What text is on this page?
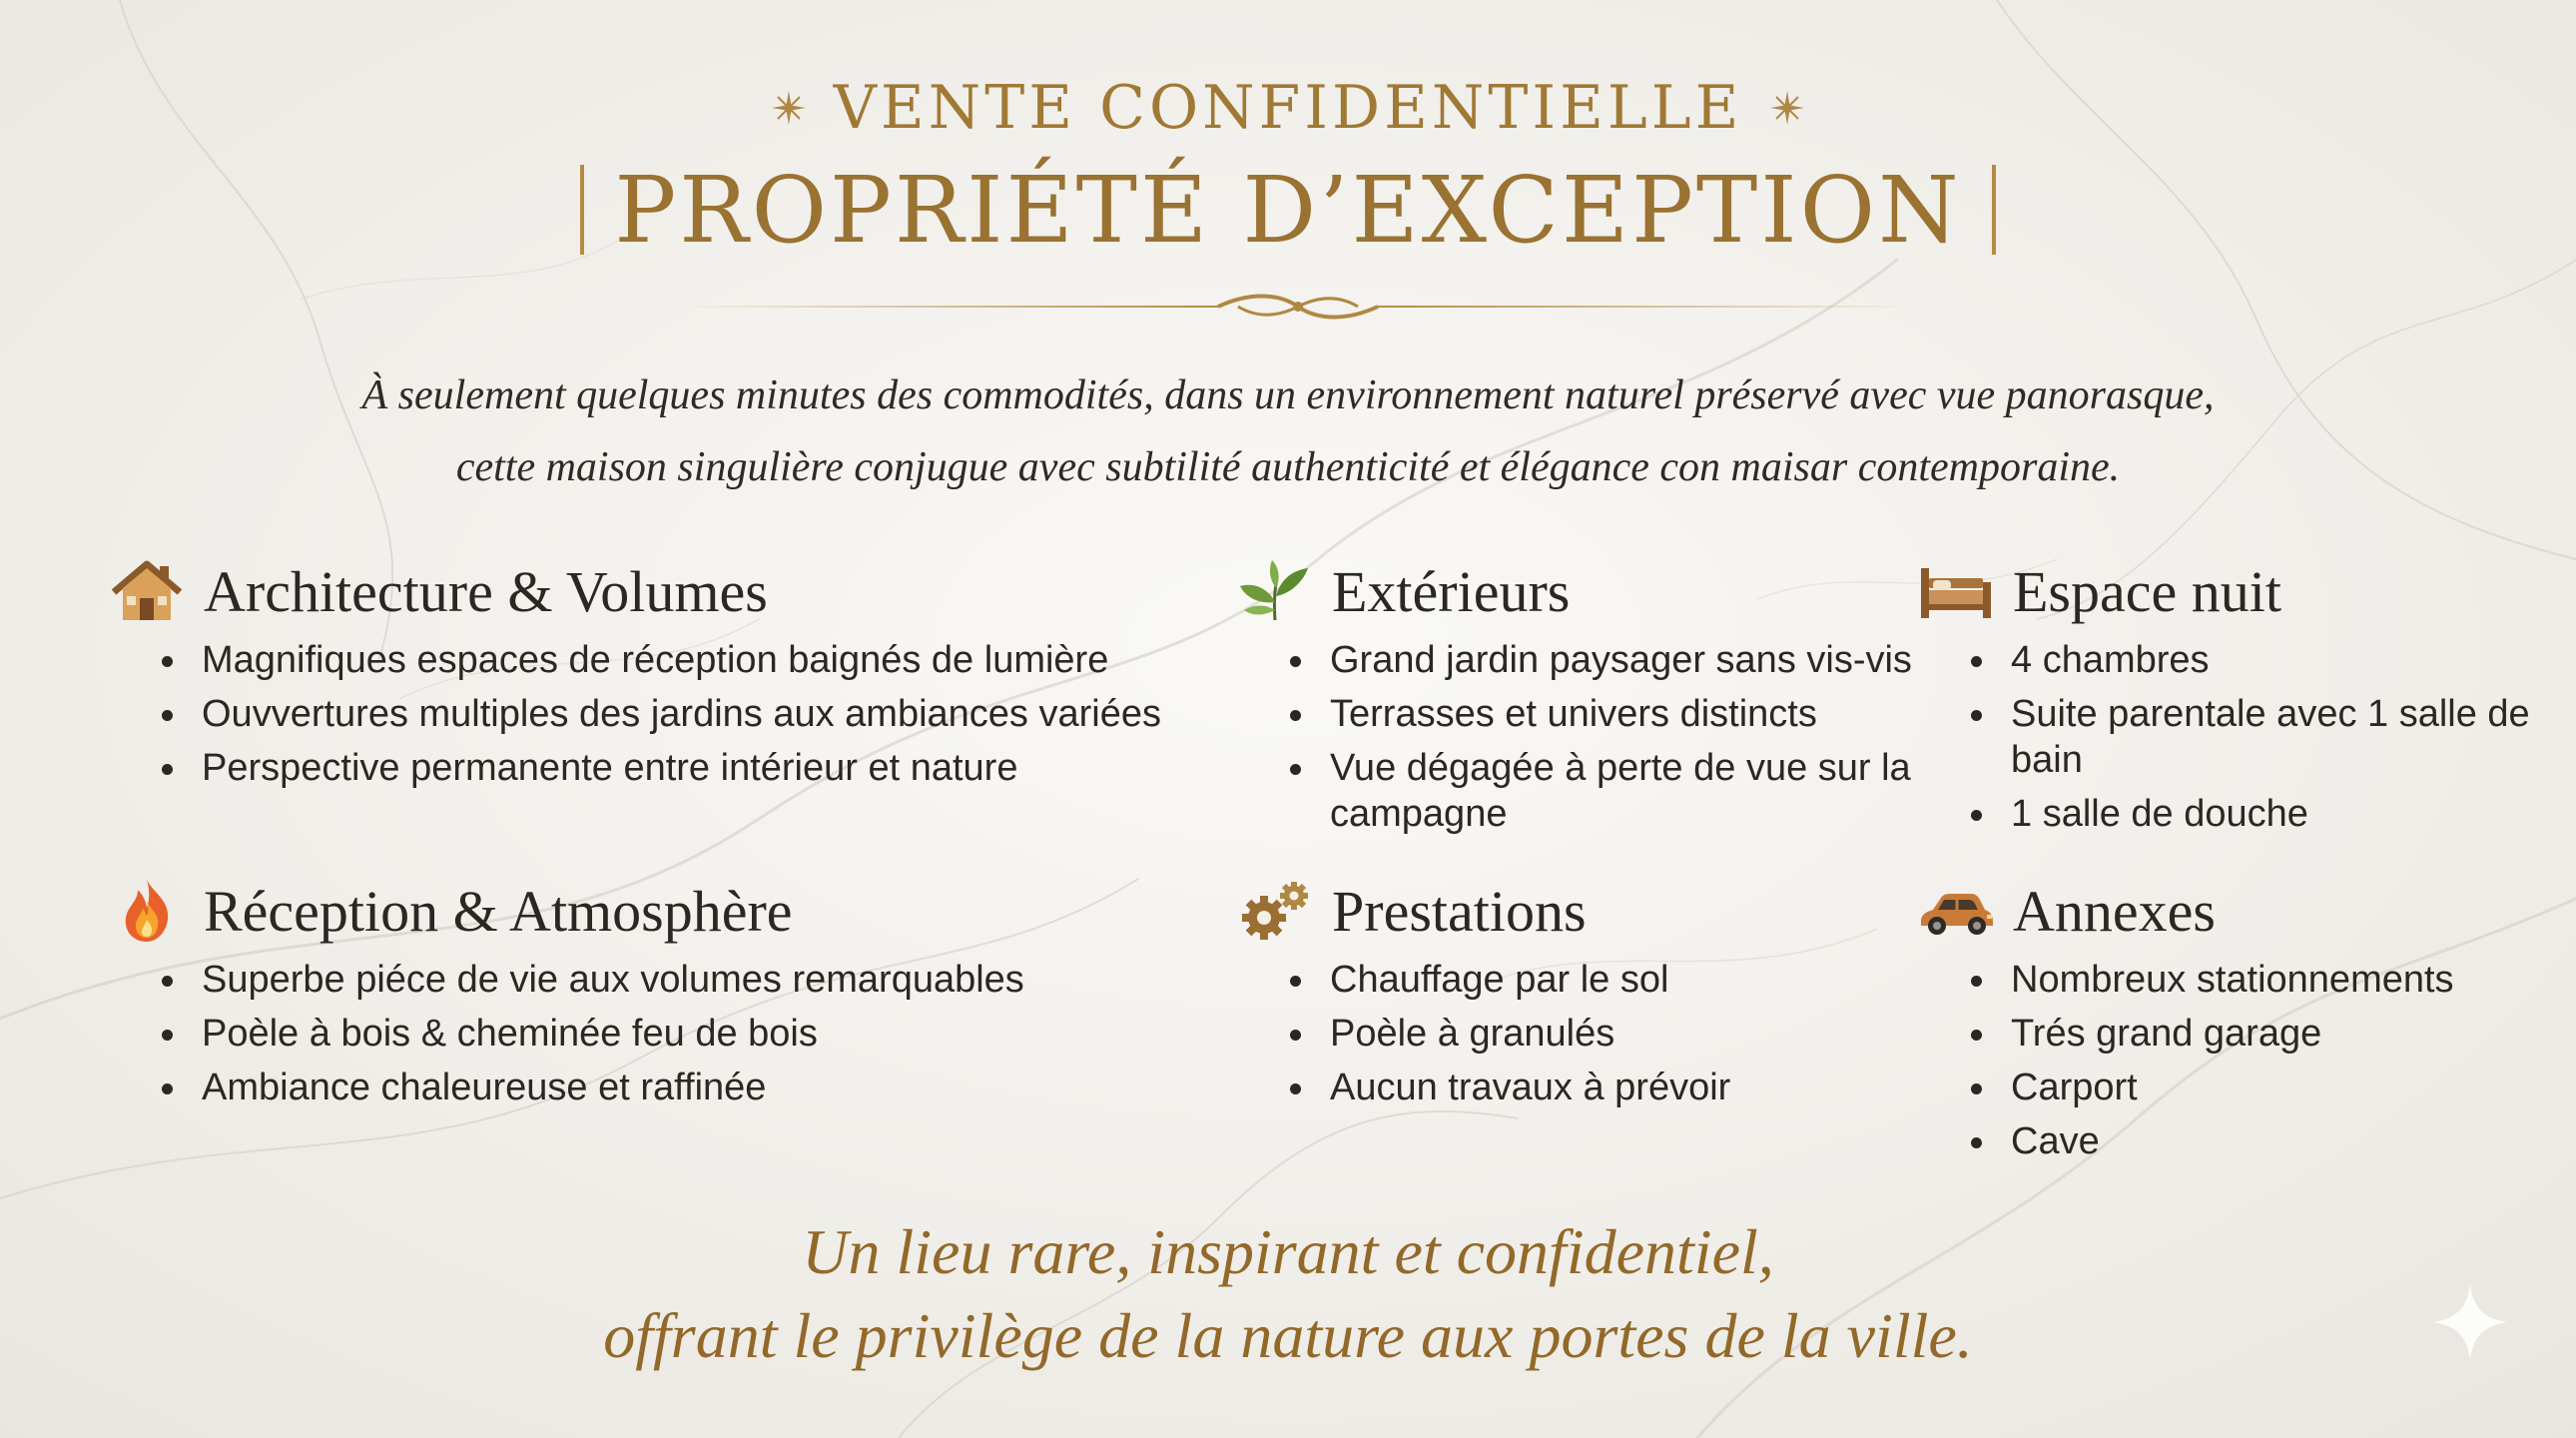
VENTE CONFIDENTIELLE
PROPRIÉTÉ D’EXCEPTION
À seulement quelques minutes des commodités, dans un environnement naturel préservé avec vue panorasque,
cette maison singulière conjugue avec subtilité authenticité et élégance con maisar contemporaine.
Architecture & Volumes
Magnifiques espaces de réception baignés de lumière
Ouvvertures multiples des jardins aux ambiances variées
Perspective permanente entre intérieur et nature
Extérieurs
Grand jardin paysager sans vis-vis
Terrasses et univers distincts
Vue dégagée à perte de vue sur la campagne
Espace nuit
4 chambres
Suite parentale avec 1 salle de bain
1 salle de douche
Réception & Atmosphère
Superbe piéce de vie aux volumes remarquables
Poèle à bois & cheminée feu de bois
Ambiance chaleureuse et raffinée
Prestations
Chauffage par le sol
Poèle à granulés
Aucun travaux à prévoir
Annexes
Nombreux stationnements
Trés grand garage
Carport
Cave
Un lieu rare, inspirant et confidentiel,
offrant le privilège de la nature aux portes de la ville.
